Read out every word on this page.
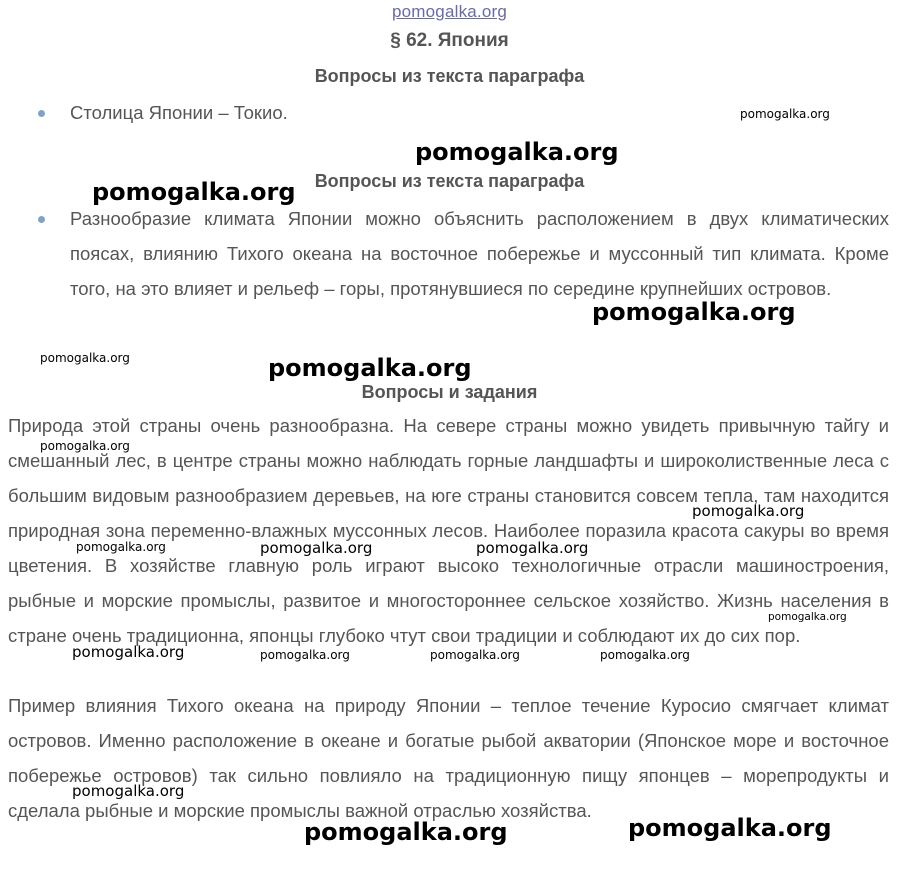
pomogalka.org
§ 62. Япония
Вопросы из текста параграфа
Столица Японии – Токио.
Вопросы из текста параграфа
Разнообразие климата Японии можно объяснить расположением в двух климатических поясах, влиянию Тихого океана на восточное побережье и муссонный тип климата. Кроме того, на это влияет и рельеф – горы, протянувшиеся по середине крупнейших островов.
Вопросы и задания

Природа этой страны очень разнообразна. На севере страны можно увидеть привычную тайгу и смешанный лес, в центре страны можно наблюдать горные ландшафты и широколиственные леса с большим видовым разнообразием деревьев, на юге страны становится совсем тепла, там находится природная зона переменно-влажных муссонных лесов. Наиболее поразила красота сакуры во время цветения. В хозяйстве главную роль играют высоко технологичные отрасли машиностроения, рыбные и морские промыслы, развитое и многостороннее сельское хозяйство. Жизнь населения в стране очень традиционна, японцы глубоко чтут свои традиции и соблюдают их до сих пор.

Пример влияния Тихого океана на природу Японии – теплое течение Куросио смягчает климат островов. Именно расположение в океане и богатые рыбой акватории (Японское море и восточное побережье островов) так сильно повлияло на традиционную пищу японцев – морепродукты и сделала рыбные и морские промыслы важной отраслью хозяйства.

pomogalka.org
pomogalka.org
pomogalka.org
pomogalka.org
pomogalka.org	pomogalka.org
pomogalka.org
pomogalka.org
pomogalka.org	pomogalka.org	pomogalka.org
pomogalka.org
pomogalka.org	pomogalka.org	pomogalka.org	pomogalka.org
pomogalka.org
pomogalka.org	pomogalka.org
